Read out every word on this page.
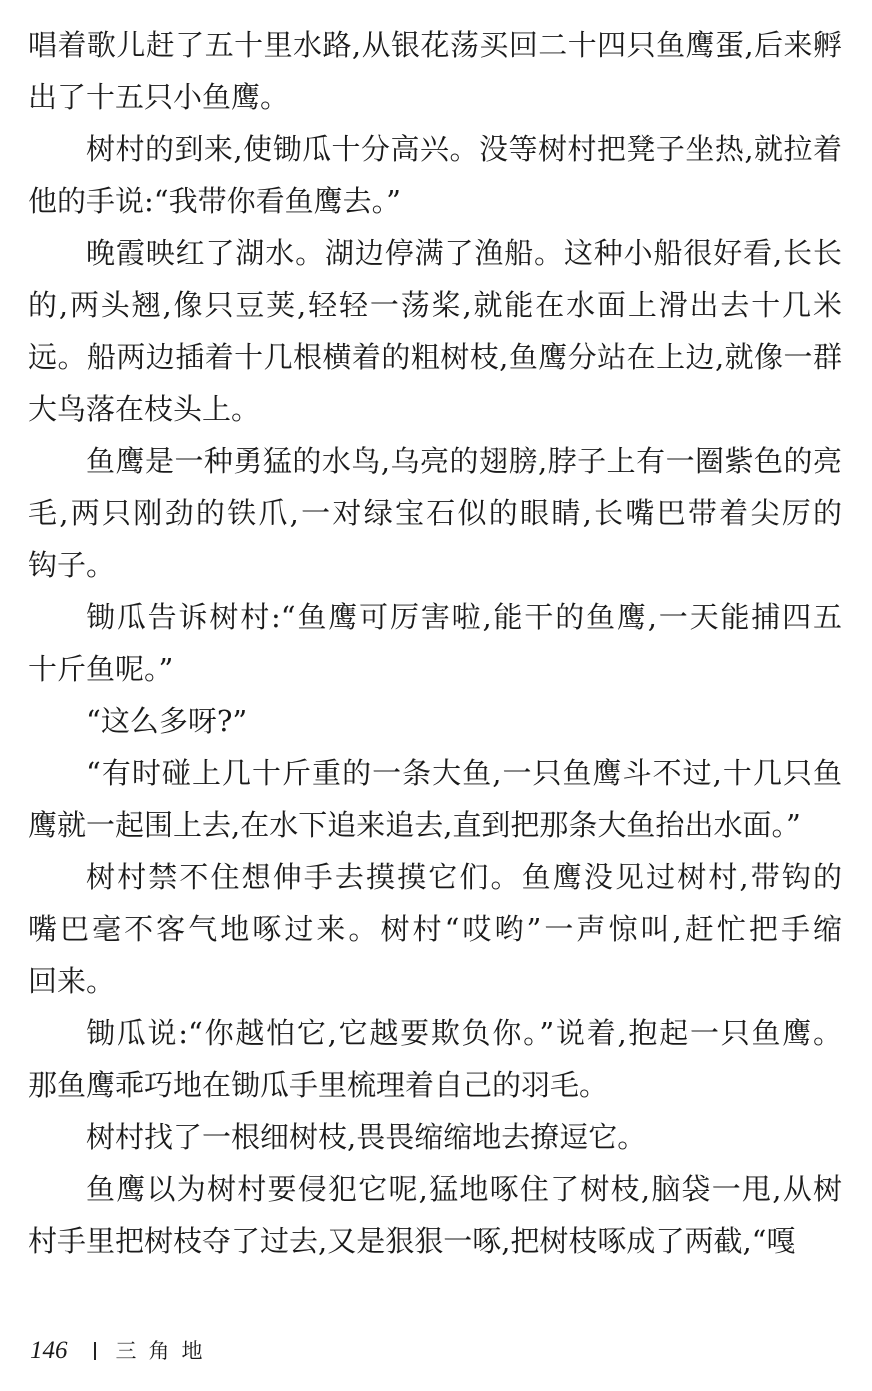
唱着歌儿赶了五十里水路,从银花荡买回二十四只鱼鹰蛋,后来孵
出了十五只小鱼鹰。
树村的到来,使锄瓜十分高兴。没等树村把凳子坐热,就拉着
他的手说:“我带你看鱼鹰去。”
晚霞映红了湖水。湖边停满了渔船。这种小船很好看,长长
的,两头翘,像只豆荚,轻轻一荡桨,就能在水面上滑出去十几米
远。船两边插着十几根横着的粗树枝,鱼鹰分站在上边,就像一群
大鸟落在枝头上。
鱼鹰是一种勇猛的水鸟,乌亮的翅膀,脖子上有一圈紫色的亮
毛,两只刚劲的铁爪,一对绿宝石似的眼睛,长嘴巴带着尖厉的
钩子。
锄瓜告诉树村:“鱼鹰可厉害啦,能干的鱼鹰,一天能捕四五
十斤鱼呢。”
“这么多呀?”
“有时碰上几十斤重的一条大鱼,一只鱼鹰斗不过,十几只鱼
鹰就一起围上去,在水下追来追去,直到把那条大鱼抬出水面。”
树村禁不住想伸手去摸摸它们。鱼鹰没见过树村,带钩的
嘴巴毫不客气地啄过来。树村“哎哟”一声惊叫,赶忙把手缩
回来。
锄瓜说:“你越怕它,它越要欺负你。”说着,抱起一只鱼鹰。
那鱼鹰乖巧地在锄瓜手里梳理着自己的羽毛。
树村找了一根细树枝,畏畏缩缩地去撩逗它。
鱼鹰以为树村要侵犯它呢,猛地啄住了树枝,脑袋一甩,从树
村手里把树枝夺了过去,又是狠狠一啄,把树枝啄成了两截,“嘎
146 三角地
